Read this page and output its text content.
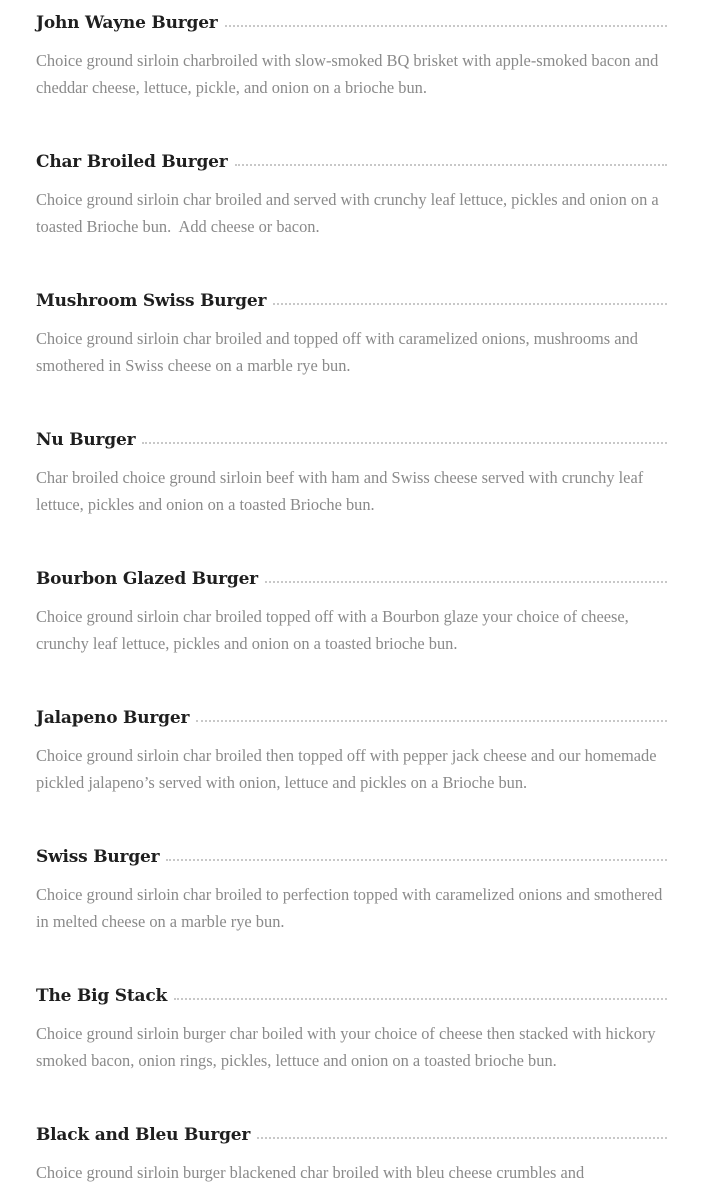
John Wayne Burger

Choice ground sirloin charbroiled with slow-smoked BQ brisket with apple-smoked bacon and cheddar cheese, lettuce, pickle, and onion on a brioche bun.

Char Broiled Burger

Choice ground sirloin char broiled and served with crunchy leaf lettuce, pickles and onion on a toasted Brioche bun.  Add cheese or bacon.

Mushroom Swiss Burger

Choice ground sirloin char broiled and topped off with caramelized onions, mushrooms and smothered in Swiss cheese on a marble rye bun.

Nu Burger

Char broiled choice ground sirloin beef with ham and Swiss cheese served with crunchy leaf lettuce, pickles and onion on a toasted Brioche bun.

Bourbon Glazed Burger

Choice ground sirloin char broiled topped off with a Bourbon glaze your choice of cheese, crunchy leaf lettuce, pickles and onion on a toasted brioche bun.

Jalapeno Burger

Choice ground sirloin char broiled then topped off with pepper jack cheese and our homemade pickled jalapeno’s served with onion, lettuce and pickles on a Brioche bun.

Swiss Burger

Choice ground sirloin char broiled to perfection topped with caramelized onions and smothered in melted cheese on a marble rye bun.

The Big Stack

Choice ground sirloin burger char boiled with your choice of cheese then stacked with hickory smoked bacon, onion rings, pickles, lettuce and onion on a toasted brioche bun.

Black and Bleu Burger

Choice ground sirloin burger blackened char broiled with bleu cheese crumbles and
